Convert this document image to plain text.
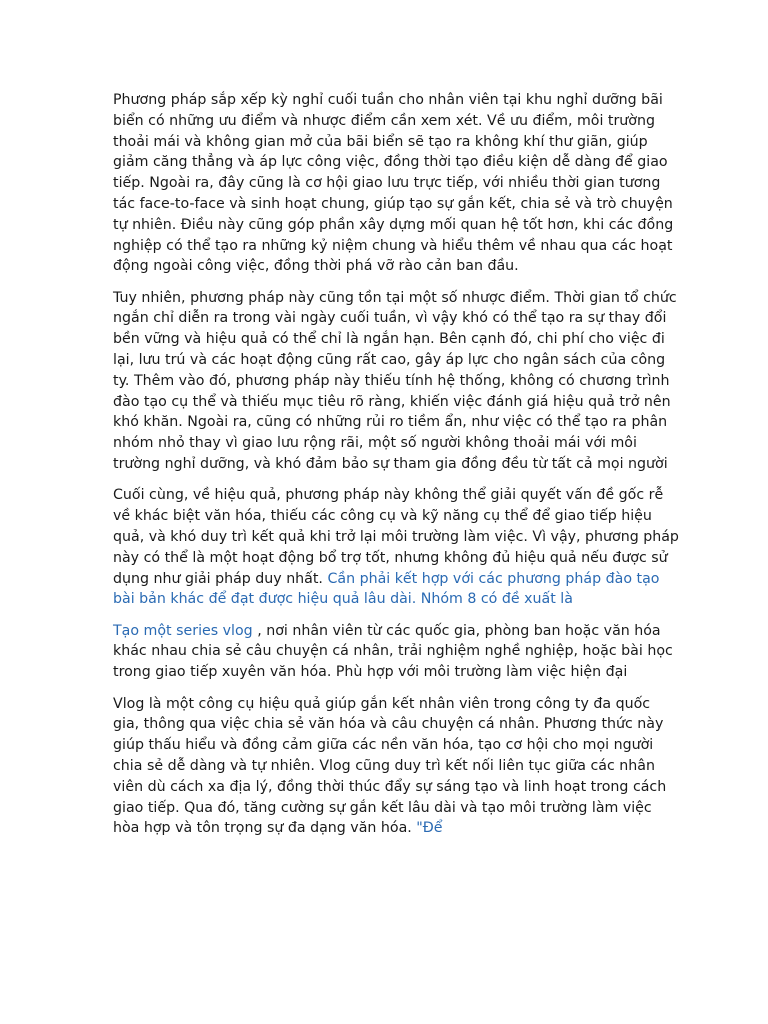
Phương pháp sắp xếp kỳ nghỉ cuối tuần cho nhân viên tại khu nghỉ dưỡng bãi biển có những ưu điểm và nhược điểm cần xem xét. Về ưu điểm, môi trường thoải mái và không gian mở của bãi biển sẽ tạo ra không khí thư giãn, giúp giảm căng thẳng và áp lực công việc, đồng thời tạo điều kiện dễ dàng để giao tiếp. Ngoài ra, đây cũng là cơ hội giao lưu trực tiếp, với nhiều thời gian tương tác face-to-face và sinh hoạt chung, giúp tạo sự gắn kết, chia sẻ và trò chuyện tự nhiên. Điều này cũng góp phần xây dựng mối quan hệ tốt hơn, khi các đồng nghiệp có thể tạo ra những kỷ niệm chung và hiểu thêm về nhau qua các hoạt động ngoài công việc, đồng thời phá vỡ rào cản ban đầu.

Tuy nhiên, phương pháp này cũng tồn tại một số nhược điểm. Thời gian tổ chức ngắn chỉ diễn ra trong vài ngày cuối tuần, vì vậy khó có thể tạo ra sự thay đổi bền vững và hiệu quả có thể chỉ là ngắn hạn. Bên cạnh đó, chi phí cho việc đi lại, lưu trú và các hoạt động cũng rất cao, gây áp lực cho ngân sách của công ty. Thêm vào đó, phương pháp này thiếu tính hệ thống, không có chương trình đào tạo cụ thể và thiếu mục tiêu rõ ràng, khiến việc đánh giá hiệu quả trở nên khó khăn. Ngoài ra, cũng có những rủi ro tiềm ẩn, như việc có thể tạo ra phân nhóm nhỏ thay vì giao lưu rộng rãi, một số người không thoải mái với môi trường nghỉ dưỡng, và khó đảm bảo sự tham gia đồng đều từ tất cả mọi người

Cuối cùng, về hiệu quả, phương pháp này không thể giải quyết vấn đề gốc rễ về khác biệt văn hóa, thiếu các công cụ và kỹ năng cụ thể để giao tiếp hiệu quả, và khó duy trì kết quả khi trở lại môi trường làm việc. Vì vậy, phương pháp này có thể là một hoạt động bổ trợ tốt, nhưng không đủ hiệu quả nếu được sử dụng như giải pháp duy nhất. Cần phải kết hợp với các phương pháp đào tạo bài bản khác để đạt được hiệu quả lâu dài. Nhóm 8 có đề xuất là

Tạo một series vlog , nơi nhân viên từ các quốc gia, phòng ban hoặc văn hóa khác nhau chia sẻ câu chuyện cá nhân, trải nghiệm nghề nghiệp, hoặc bài học trong giao tiếp xuyên văn hóa. Phù hợp với môi trường làm việc hiện đại

Vlog là một công cụ hiệu quả giúp gắn kết nhân viên trong công ty đa quốc gia, thông qua việc chia sẻ văn hóa và câu chuyện cá nhân. Phương thức này giúp thấu hiểu và đồng cảm giữa các nền văn hóa, tạo cơ hội cho mọi người chia sẻ dễ dàng và tự nhiên. Vlog cũng duy trì kết nối liên tục giữa các nhân viên dù cách xa địa lý, đồng thời thúc đẩy sự sáng tạo và linh hoạt trong cách giao tiếp. Qua đó, tăng cường sự gắn kết lâu dài và tạo môi trường làm việc hòa hợp và tôn trọng sự đa dạng văn hóa. "Để
